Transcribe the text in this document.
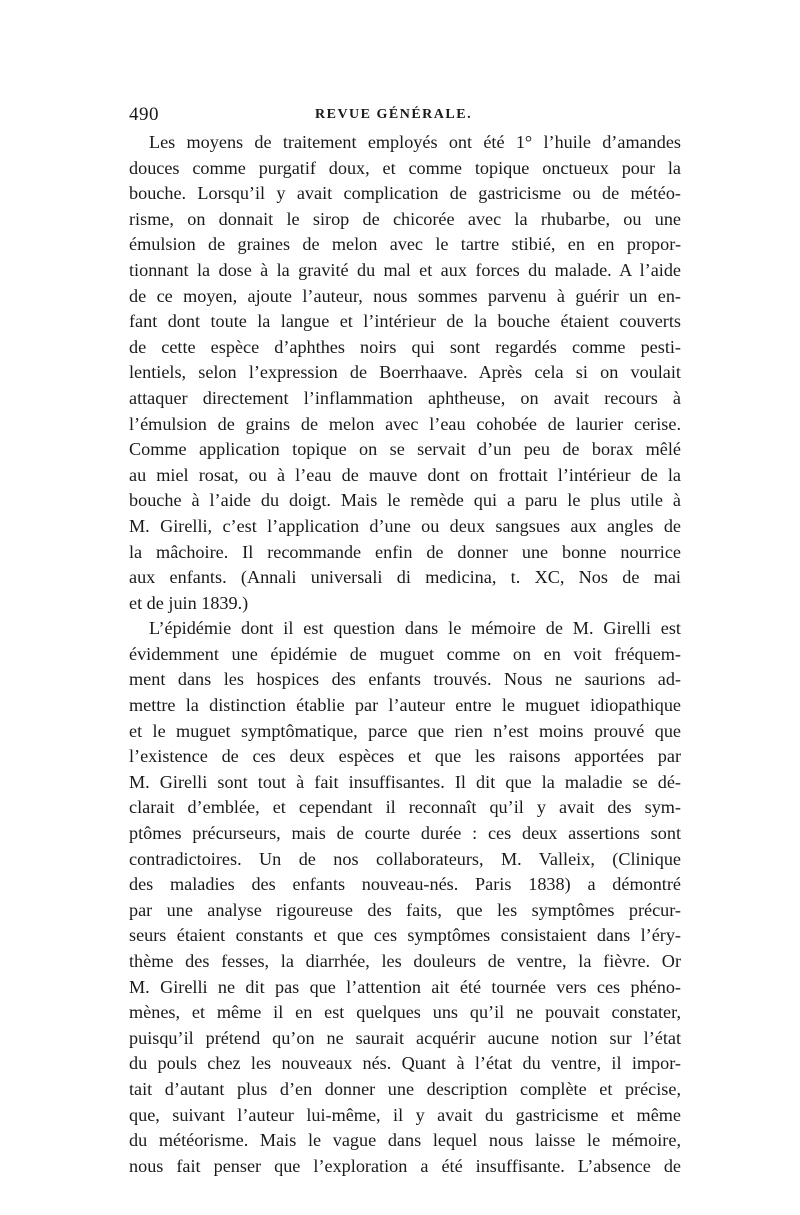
490	REVUE GÉNÉRALE.
Les moyens de traitement employés ont été 1° l’huile d’amandes
douces comme purgatif doux, et comme topique onctueux pour la
bouche. Lorsqu’il y avait complication de gastricisme ou de météo-
risme, on donnait le sirop de chicorée avec la rhubarbe, ou une
émulsion de graines de melon avec le tartre stibié, en en propor-
tionnant la dose à la gravité du mal et aux forces du malade. A l’aide
de ce moyen, ajoute l’auteur, nous sommes parvenu à guérir un en-
fant dont toute la langue et l’intérieur de la bouche étaient couverts
de cette espèce d’aphthes noirs qui sont regardés comme pesti-
lentiels, selon l’expression de Boerrhaave. Après cela si on voulait
attaquer directement l’inflammation aphtheuse, on avait recours à
l’émulsion de grains de melon avec l’eau cohobée de laurier cerise.
Comme application topique on se servait d’un peu de borax mêlé
au miel rosat, ou à l’eau de mauve dont on frottait l’intérieur de la
bouche à l’aide du doigt. Mais le remède qui a paru le plus utile à
M. Girelli, c’est l’application d’une ou deux sangsues aux angles de
la mâchoire. Il recommande enfin de donner une bonne nourrice
aux enfants. (Annali universali di medicina, t. XC, Nos de mai
et de juin 1839.)
L’épidémie dont il est question dans le mémoire de M. Girelli est
évidemment une épidémie de muguet comme on en voit fréquem-
ment dans les hospices des enfants trouvés. Nous ne saurions ad-
mettre la distinction établie par l’auteur entre le muguet idiopathique
et le muguet symptômatique, parce que rien n’est moins prouvé que
l’existence de ces deux espèces et que les raisons apportées par
M. Girelli sont tout à fait insuffisantes. Il dit que la maladie se dé-
clarait d’emblée, et cependant il reconnaît qu’il y avait des sym-
ptômes précurseurs, mais de courte durée : ces deux assertions sont
contradictoires. Un de nos collaborateurs, M. Valleix, (Clinique
des maladies des enfants nouveau-nés. Paris 1838) a démontré
par une analyse rigoureuse des faits, que les symptômes précur-
seurs étaient constants et que ces symptômes consistaient dans l’éry-
thème des fesses, la diarrhée, les douleurs de ventre, la fièvre. Or
M. Girelli ne dit pas que l’attention ait été tournée vers ces phéno-
mènes, et même il en est quelques uns qu’il ne pouvait constater,
puisqu’il prétend qu’on ne saurait acquérir aucune notion sur l’état
du pouls chez les nouveaux nés. Quant à l’état du ventre, il impor-
tait d’autant plus d’en donner une description complète et précise,
que, suivant l’auteur lui-même, il y avait du gastricisme et même
du météorisme. Mais le vague dans lequel nous laisse le mémoire,
nous fait penser que l’exploration a été insuffisante. L’absence de
